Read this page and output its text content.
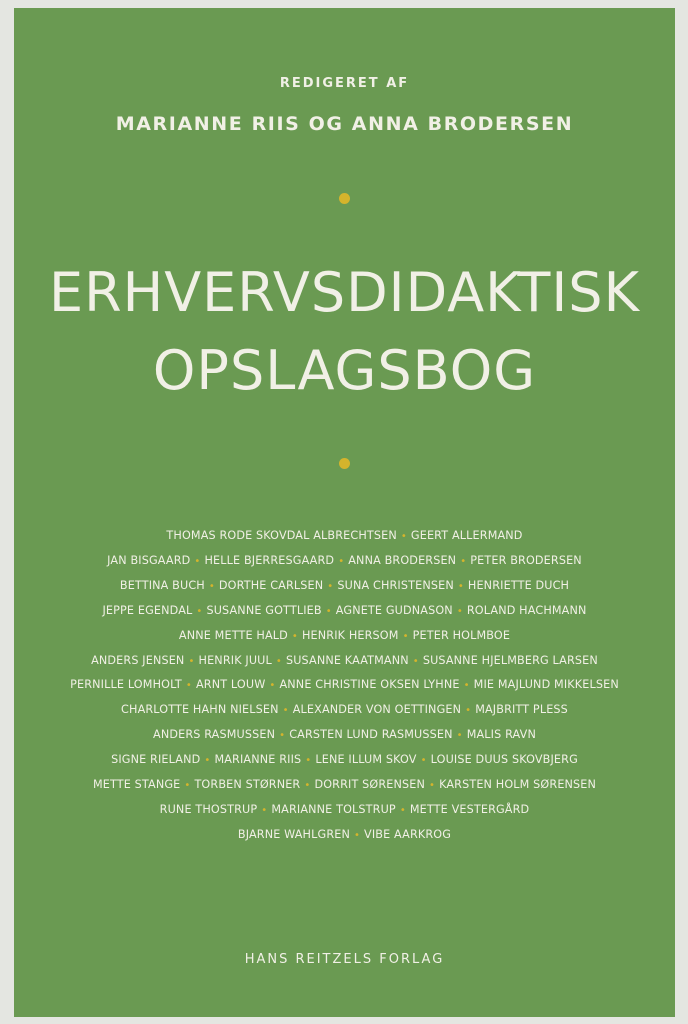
REDIGERET AF
MARIANNE RIIS OG ANNA BRODERSEN
ERHVERVSDIDAKTISK
OPSLAGSBOG
THOMAS RODE SKOVDAL ALBRECHTSEN • GEERT ALLERMAND
JAN BISGAARD • HELLE BJERRESGAARD • ANNA BRODERSEN • PETER BRODERSEN
BETTINA BUCH • DORTHE CARLSEN • SUNA CHRISTENSEN • HENRIETTE DUCH
JEPPE EGENDAL • SUSANNE GOTTLIEB • AGNETE GUDNASON • ROLAND HACHMANN
ANNE METTE HALD • HENRIK HERSOM • PETER HOLMBOE
ANDERS JENSEN • HENRIK JUUL • SUSANNE KAATMANN • SUSANNE HJELMBERG LARSEN
PERNILLE LOMHOLT • ARNT LOUW • ANNE CHRISTINE OKSEN LYHNE • MIE MAJLUND MIKKELSEN
CHARLOTTE HAHN NIELSEN • ALEXANDER VON OETTINGEN • MAJBRITT PLESS
ANDERS RASMUSSEN • CARSTEN LUND RASMUSSEN • MALIS RAVN
SIGNE RIELAND • MARIANNE RIIS • LENE ILLUM SKOV • LOUISE DUUS SKOVBJERG
METTE STANGE • TORBEN STØRNER • DORRIT SØRENSEN • KARSTEN HOLM SØRENSEN
RUNE THOSTRUP • MARIANNE TOLSTRUP • METTE VESTERGÅRD
BJARNE WAHLGREN • VIBE AARKROG
HANS REITZELS FORLAG
